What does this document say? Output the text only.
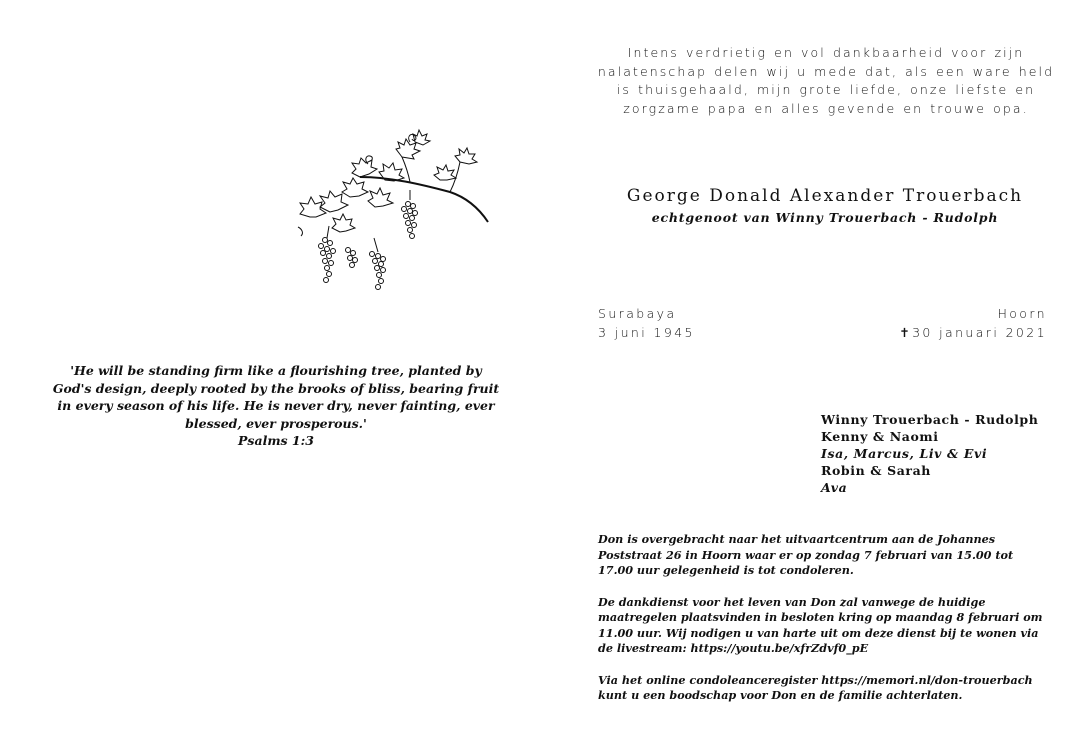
Intens verdrietig en vol dankbaarheid voor zijn nalatenschap delen wij u mede dat, als een ware held is thuisgehaald, mijn grote liefde, onze liefste en zorgzame papa en alles gevende en trouwe opa.
George Donald Alexander Trouerbach
echtgenoot van Winny Trouerbach - Rudolph
Surabaya
3 juni 1945
Hoorn
✝30 januari 2021
'He will be standing firm like a flourishing tree, planted by God's design, deeply rooted by the brooks of bliss, bearing fruit in every season of his life. He is never dry, never fainting, ever blessed, ever prosperous.'
Psalms 1:3
Winny Trouerbach - Rudolph
Kenny & Naomi
Isa, Marcus, Liv & Evi
Robin & Sarah
Ava

Don is overgebracht naar het uitvaartcentrum aan de Johannes Poststraat 26 in Hoorn waar er op zondag 7 februari van 15.00 tot 17.00 uur gelegenheid is tot condoleren.

De dankdienst voor het leven van Don zal vanwege de huidige maatregelen plaatsvinden in besloten kring op maandag 8 februari om 11.00 uur. Wij nodigen u van harte uit om deze dienst bij te wonen via de livestream: https://youtu.be/xfrZdvf0_pE

Via het online condoleanceregister https://memori.nl/don-trouerbach kunt u een boodschap voor Don en de familie achterlaten.
